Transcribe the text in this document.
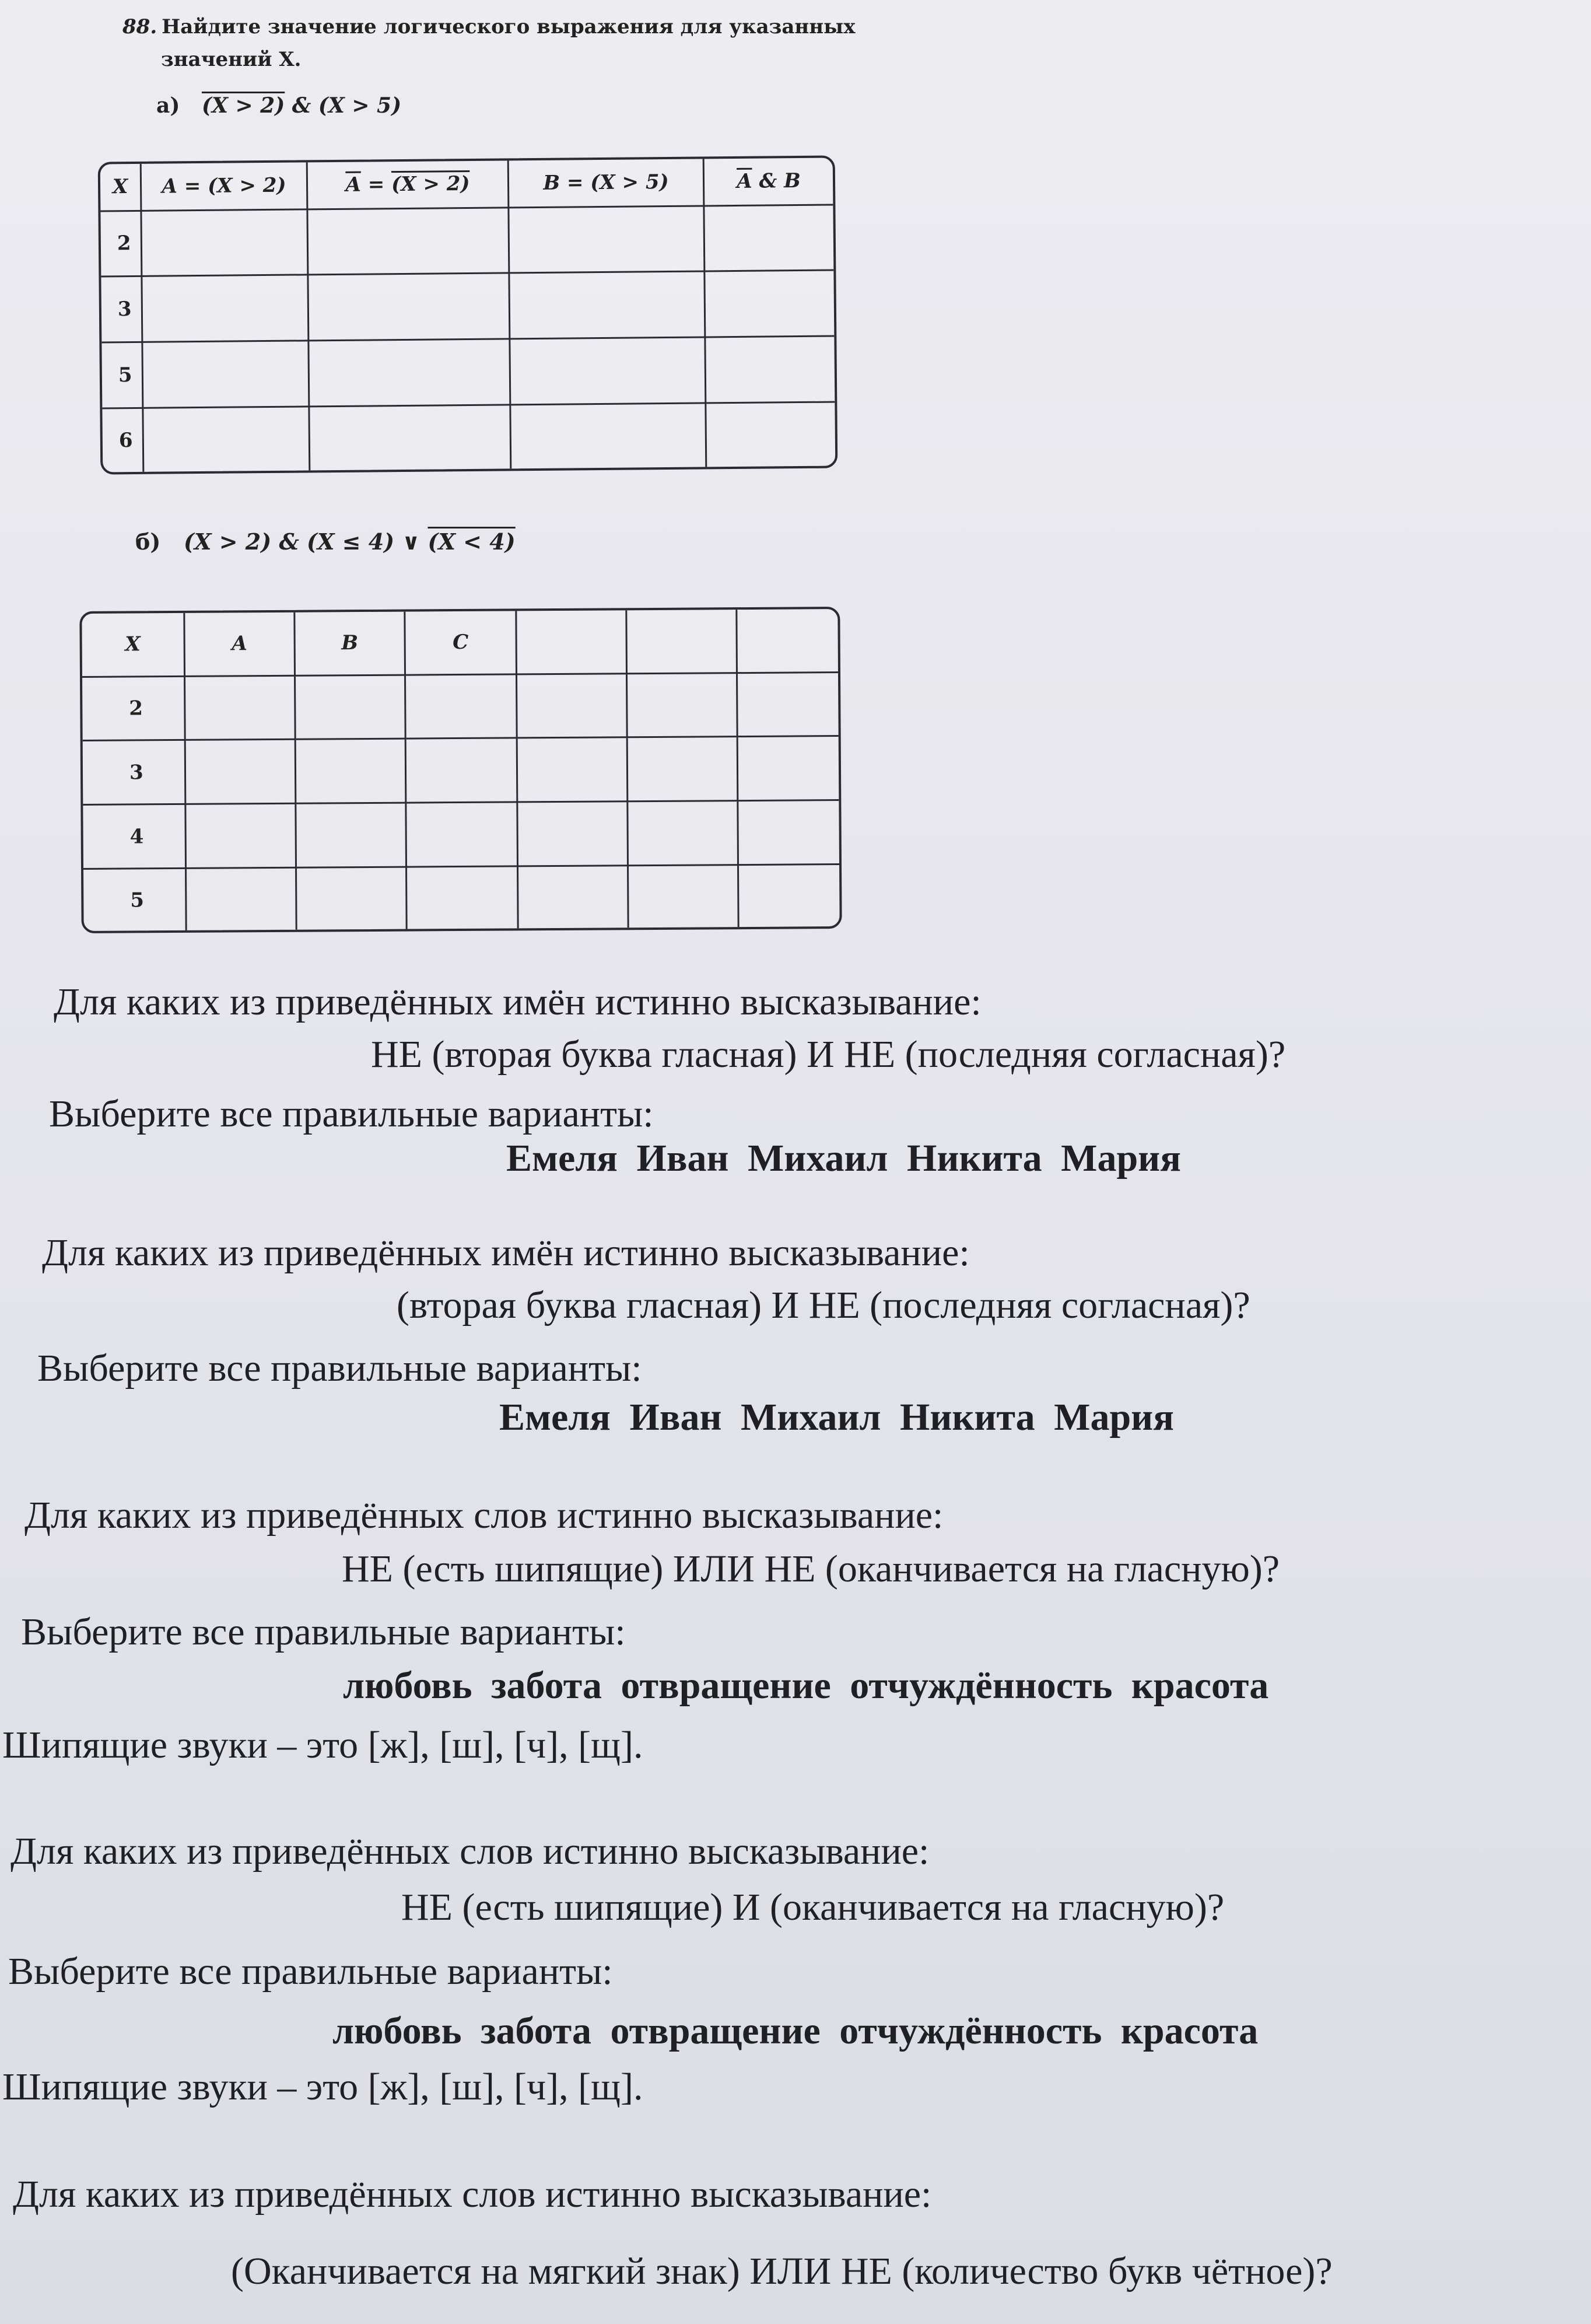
88. Найдите значение логического выражения для указанных
значений X.
а) (X > 2) & (X > 5)
X	A = (X > 2)	$\overline{A} = (X > 2)$	B = (X > 5)	$\overline{A}$ & B
2				
3				
5				
6				
б) (X > 2) & (X ≤ 4) ∨ (X < 4)
X	A	B	C			
2						
3						
4						
5						
Для каких из приведённых имён истинно высказывание:
НЕ (вторая буква гласная) И НЕ (последняя согласная)?
Выберите все правильные варианты:
Емеля Иван Михаил Никита Мария
Для каких из приведённых имён истинно высказывание:
(вторая буква гласная) И НЕ (последняя согласная)?
Выберите все правильные варианты:
Емеля Иван Михаил Никита Мария
Для каких из приведённых слов истинно высказывание:
НЕ (есть шипящие) ИЛИ НЕ (оканчивается на гласную)?
Выберите все правильные варианты:
любовь забота отвращение отчуждённость красота
Шипящие звуки – это [ж], [ш], [ч], [щ].
Для каких из приведённых слов истинно высказывание:
НЕ (есть шипящие) И (оканчивается на гласную)?
Выберите все правильные варианты:
любовь забота отвращение отчуждённость красота
Шипящие звуки – это [ж], [ш], [ч], [щ].
Для каких из приведённых слов истинно высказывание:
(Оканчивается на мягкий знак) ИЛИ НЕ (количество букв чётное)?
